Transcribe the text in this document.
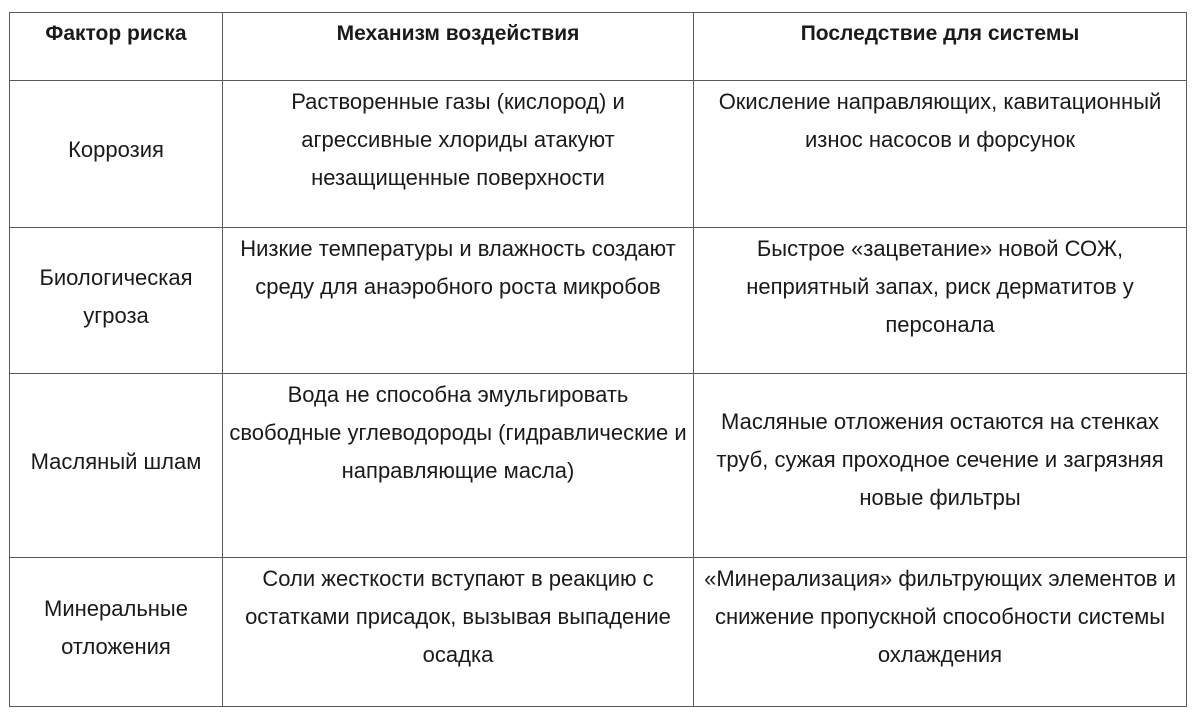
Фактор риска	Механизм воздействия	Последствие для системы
Коррозия	Растворенные газы (кислород) и агрессивные хлориды атакуют незащищенные поверхности	Окисление направляющих, кавитационный износ насосов и форсунок
Биологическая угроза	Низкие температуры и влажность создают среду для анаэробного роста микробов	Быстрое «зацветание» новой СОЖ, неприятный запах, риск дерматитов у персонала
Масляный шлам	Вода не способна эмульгировать свободные углеводороды (гидравлические и направляющие масла)	Масляные отложения остаются на стенках труб, сужая проходное сечение и загрязняя новые фильтры
Минеральные отложения	Соли жесткости вступают в реакцию с остатками присадок, вызывая выпадение осадка	«Минерализация» фильтрующих элементов и снижение пропускной способности системы охлаждения
